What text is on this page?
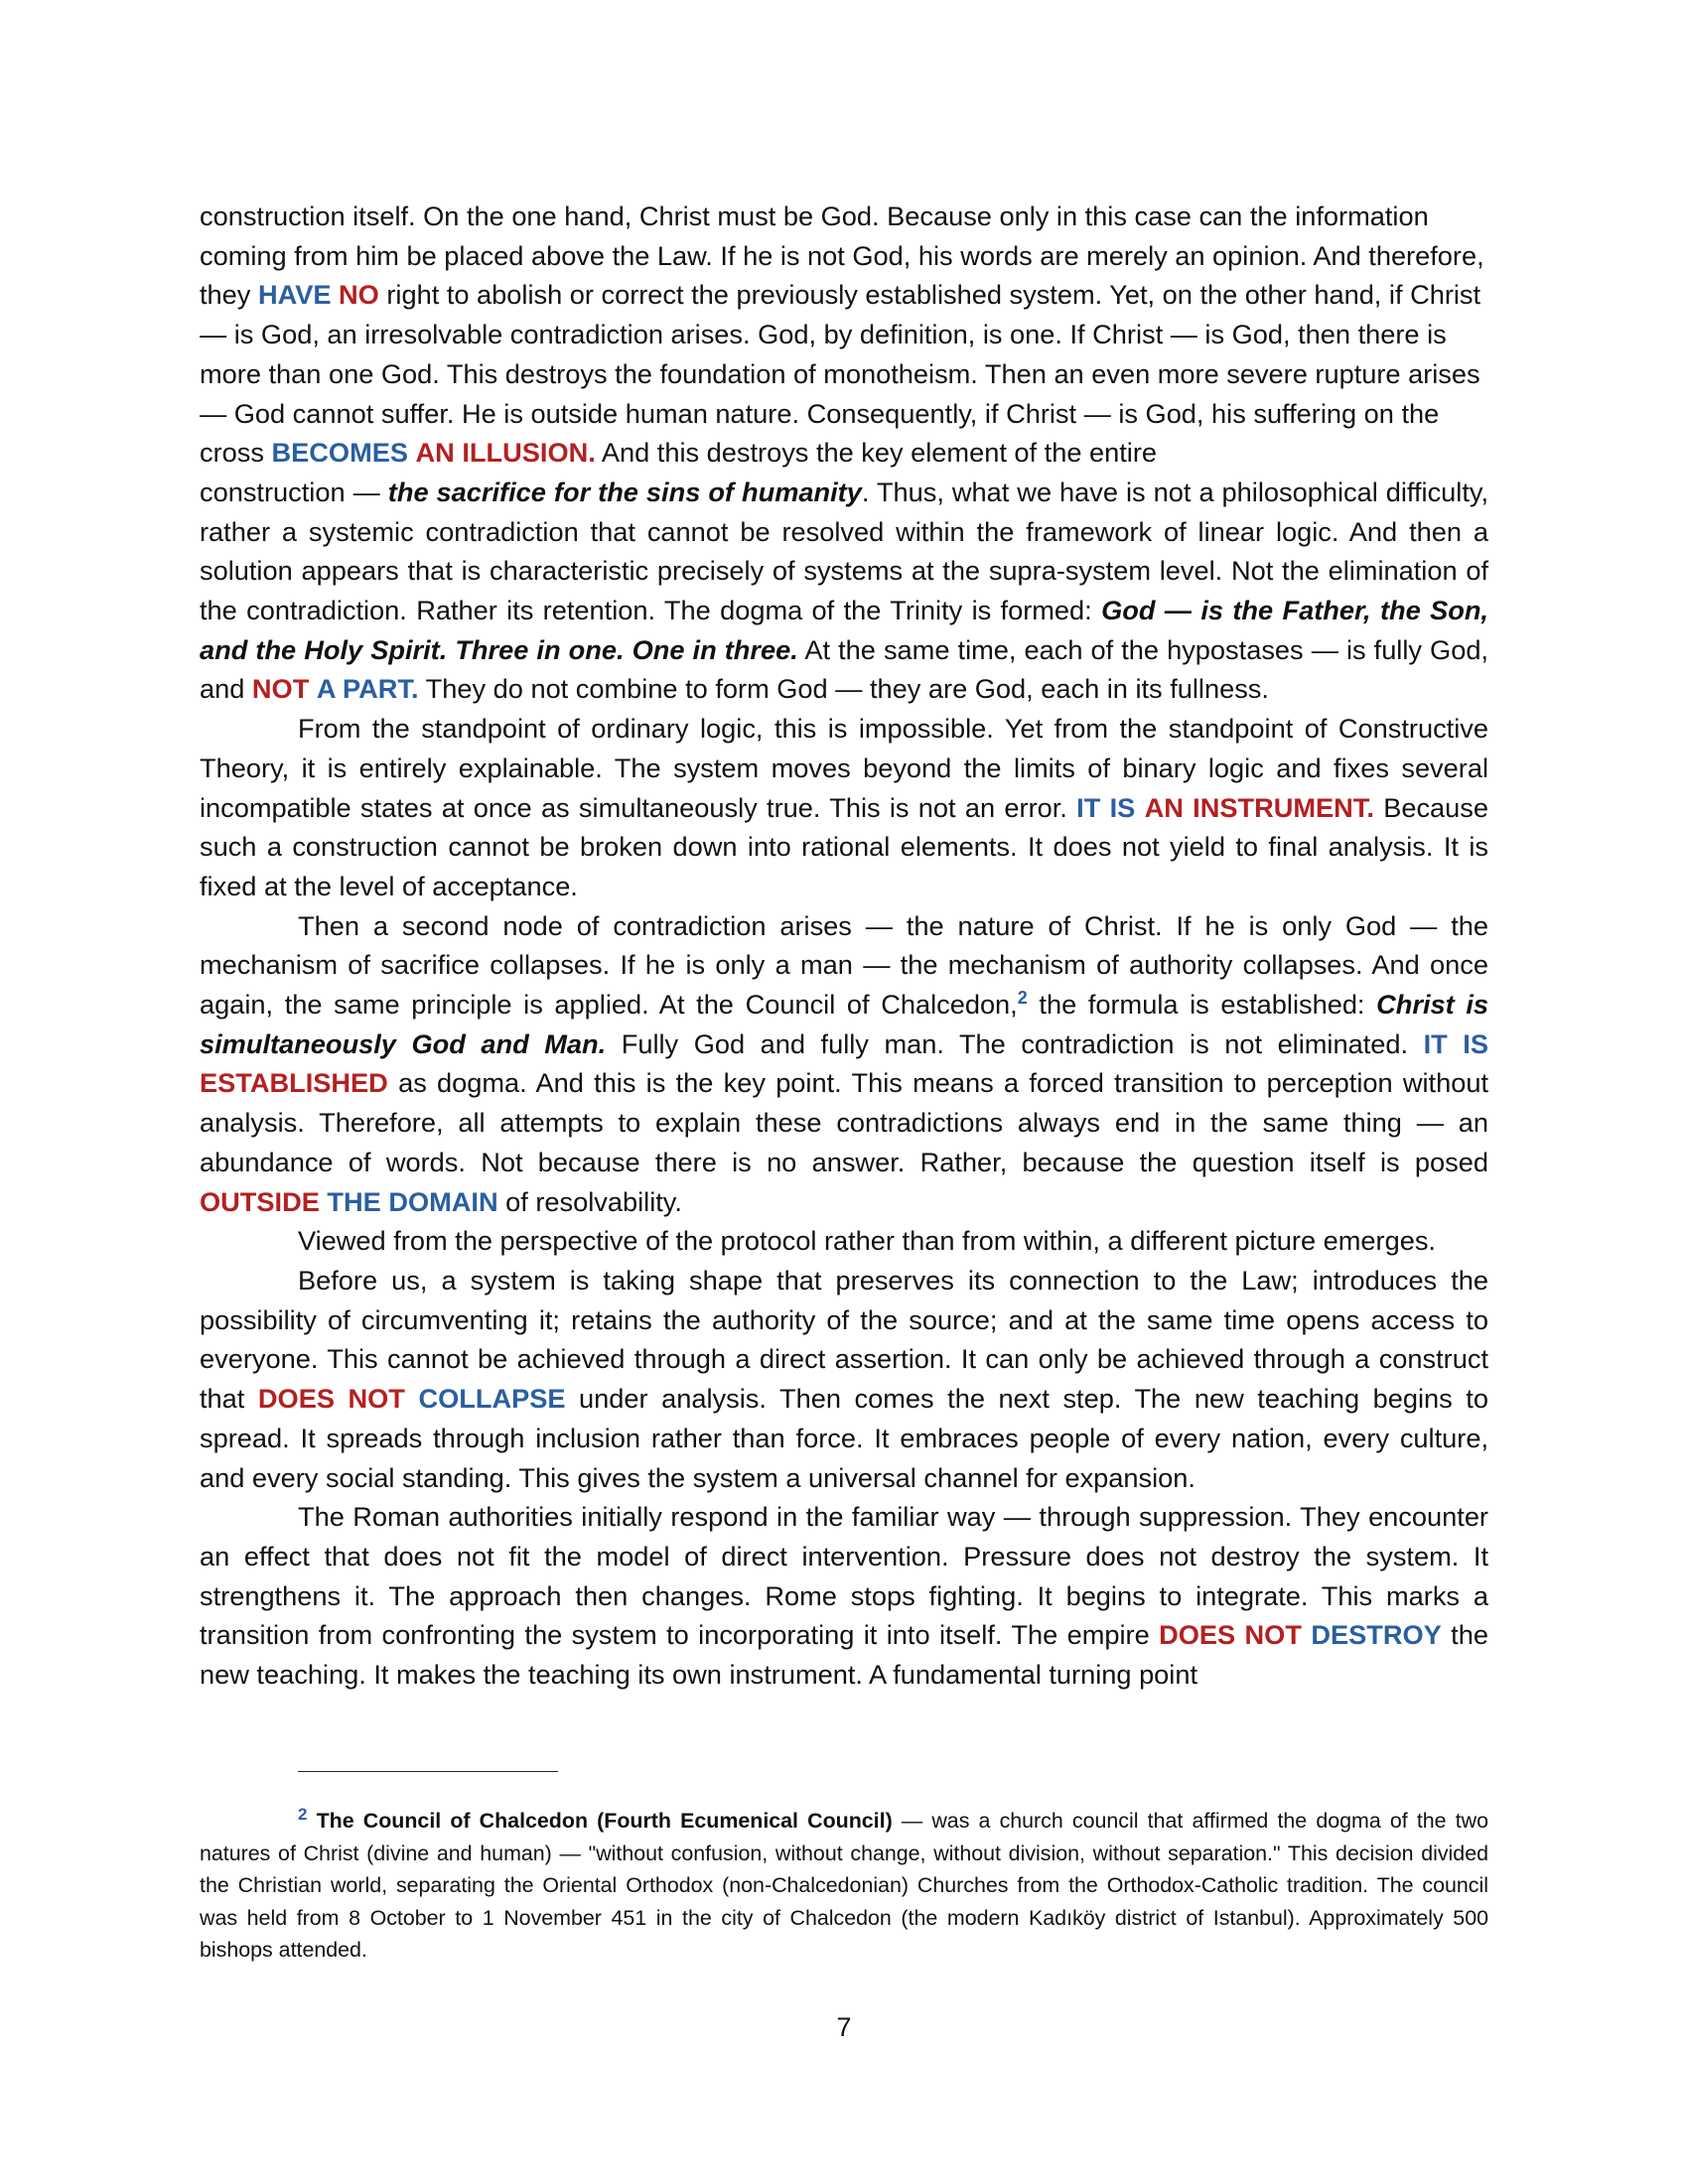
construction itself. On the one hand, Christ must be God. Because only in this case can the information coming from him be placed above the Law. If he is not God, his words are merely an opinion. And therefore, they HAVE NO right to abolish or correct the previously established system. Yet, on the other hand, if Christ — is God, an irresolvable contradiction arises. God, by definition, is one. If Christ — is God, then there is more than one God. This destroys the foundation of monotheism. Then an even more severe rupture arises — God cannot suffer. He is outside human nature. Consequently, if Christ — is God, his suffering on the cross BECOMES AN ILLUSION. And this destroys the key element of the entire

construction — the sacrifice for the sins of humanity. Thus, what we have is not a philosophical difficulty, rather a systemic contradiction that cannot be resolved within the framework of linear logic. And then a solution appears that is characteristic precisely of systems at the supra-system level. Not the elimination of the contradiction. Rather its retention. The dogma of the Trinity is formed: God — is the Father, the Son, and the Holy Spirit. Three in one. One in three. At the same time, each of the hypostases — is fully God, and NOT A PART. They do not combine to form God — they are God, each in its fullness.

From the standpoint of ordinary logic, this is impossible. Yet from the standpoint of Constructive Theory, it is entirely explainable. The system moves beyond the limits of binary logic and fixes several incompatible states at once as simultaneously true. This is not an error. IT IS AN INSTRUMENT. Because such a construction cannot be broken down into rational elements. It does not yield to final analysis. It is fixed at the level of acceptance.

Then a second node of contradiction arises — the nature of Christ. If he is only God — the mechanism of sacrifice collapses. If he is only a man — the mechanism of authority collapses. And once again, the same principle is applied. At the Council of Chalcedon,$^2$ the formula is established: Christ is simultaneously God and Man. Fully God and fully man. The contradiction is not eliminated. IT IS ESTABLISHED as dogma. And this is the key point. This means a forced transition to perception without analysis. Therefore, all attempts to explain these contradictions always end in the same thing — an abundance of words. Not because there is no answer. Rather, because the question itself is posed OUTSIDE THE DOMAIN of resolvability.

Viewed from the perspective of the protocol rather than from within, a different picture emerges.

Before us, a system is taking shape that preserves its connection to the Law; introduces the possibility of circumventing it; retains the authority of the source; and at the same time opens access to everyone. This cannot be achieved through a direct assertion. It can only be achieved through a construct that DOES NOT COLLAPSE under analysis. Then comes the next step. The new teaching begins to spread. It spreads through inclusion rather than force. It embraces people of every nation, every culture, and every social standing. This gives the system a universal channel for expansion.

The Roman authorities initially respond in the familiar way — through suppression. They encounter an effect that does not fit the model of direct intervention. Pressure does not destroy the system. It strengthens it. The approach then changes. Rome stops fighting. It begins to integrate. This marks a transition from confronting the system to incorporating it into itself. The empire DOES NOT DESTROY the new teaching. It makes the teaching its own instrument. A fundamental turning point

$^2$ The Council of Chalcedon (Fourth Ecumenical Council) — was a church council that affirmed the dogma of the two natures of Christ (divine and human) — "without confusion, without change, without division, without separation." This decision divided the Christian world, separating the Oriental Orthodox (non-Chalcedonian) Churches from the Orthodox-Catholic tradition. The council was held from 8 October to 1 November 451 in the city of Chalcedon (the modern Kadıköy district of Istanbul). Approximately 500 bishops attended.
7
